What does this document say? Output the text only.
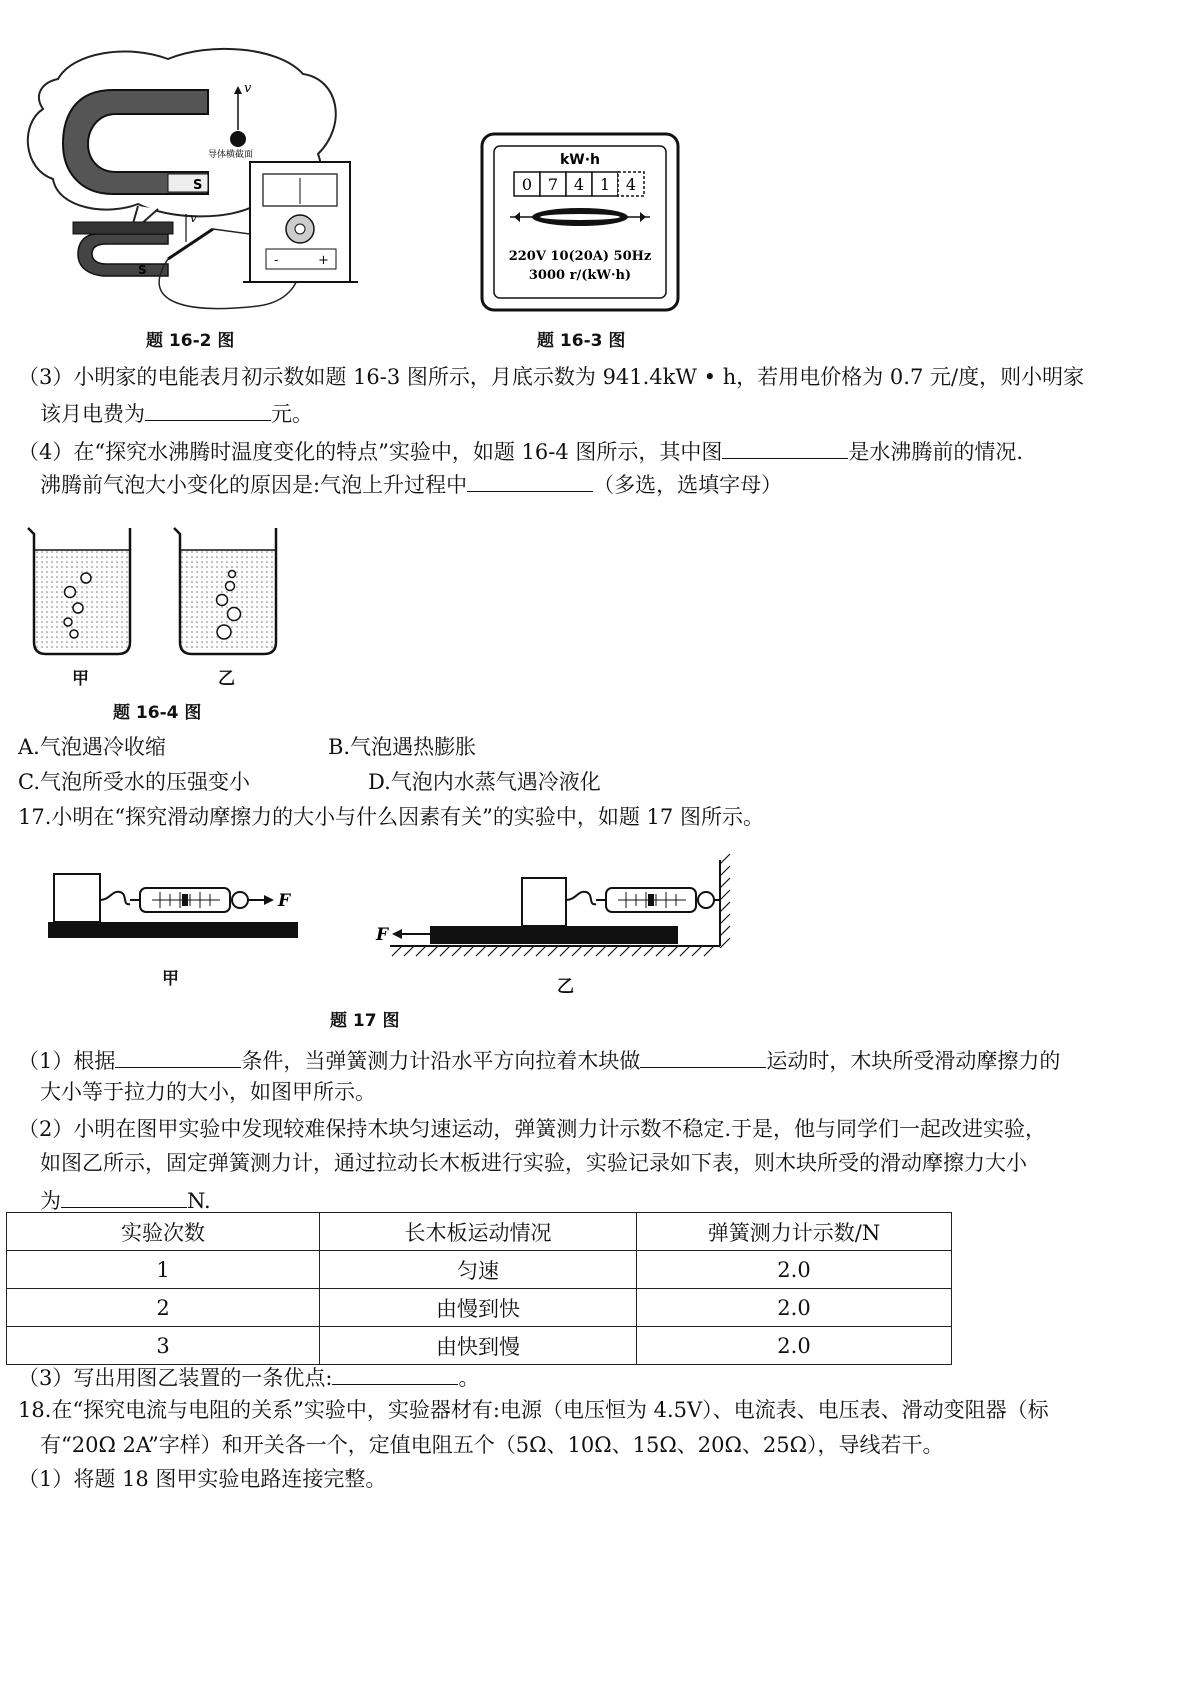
S
v
导体横截面
S
v
-	+
题 16-2 图
kW·h
0 7 4 1 4
220V 10(20A) 50Hz
3000 r/(kW·h)
题 16-3 图
（3）小明家的电能表月初示数如题 16-3 图所示，月底示数为 941.4kW • h，若用电价格为 0.7 元/度，则小明家
该月电费为	元。
（4）在“探究水沸腾时温度变化的特点”实验中，如题 16-4 图所示，其中图	是水沸腾前的情况.
沸腾前气泡大小变化的原因是:气泡上升过程中	（多选，选填字母）
甲	乙
题 16-4 图
A.气泡遇冷收缩	B.气泡遇热膨胀
C.气泡所受水的压强变小	D.气泡内水蒸气遇冷液化
17.小明在“探究滑动摩擦力的大小与什么因素有关”的实验中，如题 17 图所示。
F
F
甲	乙
题 17 图
（1）根据	条件，当弹簧测力计沿水平方向拉着木块做	运动时，木块所受滑动摩擦力的
大小等于拉力的大小，如图甲所示。
（2）小明在图甲实验中发现较难保持木块匀速运动，弹簧测力计示数不稳定.于是，他与同学们一起改进实验，
如图乙所示，固定弹簧测力计，通过拉动长木板进行实验，实验记录如下表，则木块所受的滑动摩擦力大小
为	N.
实验次数	长木板运动情况	弹簧测力计示数/N
1	匀速	2.0
2	由慢到快	2.0
3	由快到慢	2.0
（3）写出用图乙装置的一条优点:	。
18.在“探究电流与电阻的关系”实验中，实验器材有:电源（电压恒为 4.5V）、电流表、电压表、滑动变阻器（标
有“20Ω 2A”字样）和开关各一个，定值电阻五个（5Ω、10Ω、15Ω、20Ω、25Ω），导线若干。
（1）将题 18 图甲实验电路连接完整。
